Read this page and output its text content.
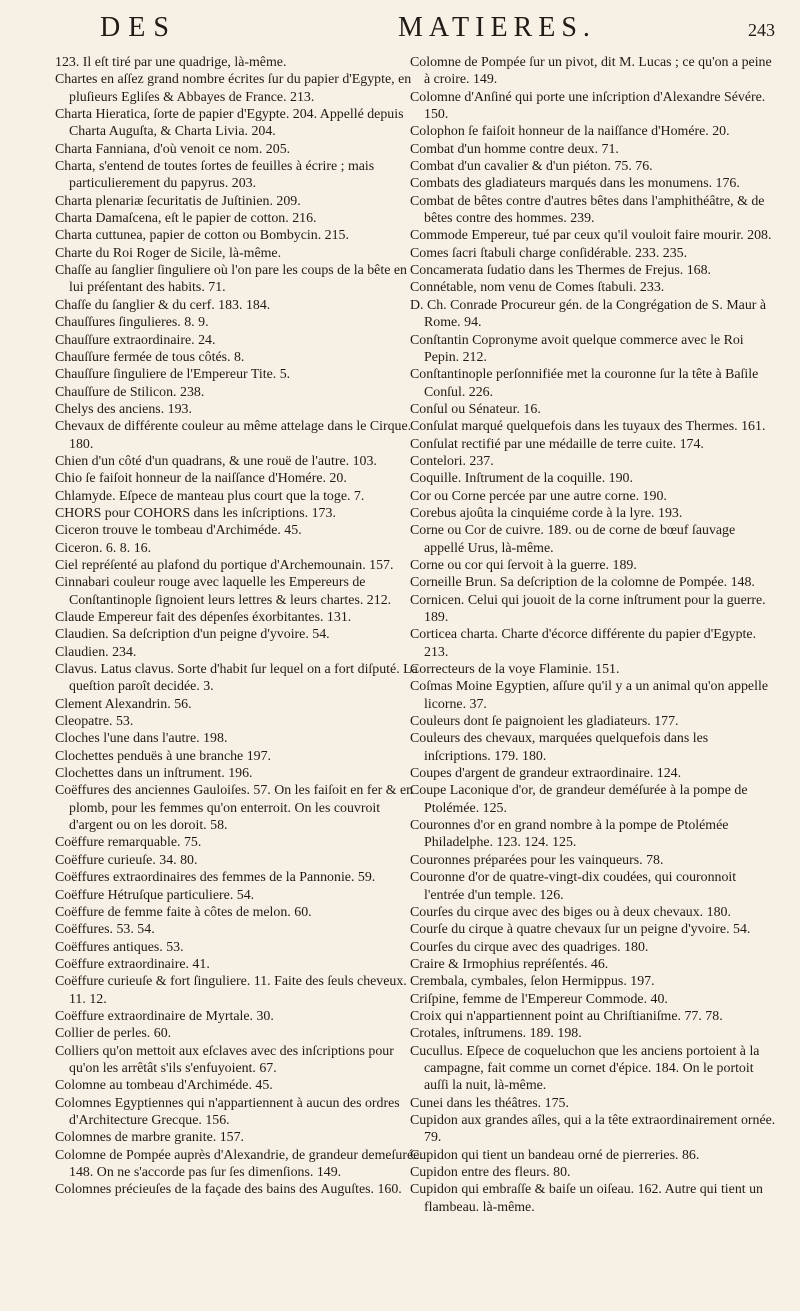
DES	MATIERES.	243

123. Il eſt tiré par une quadrige, là-même.

Chartes en aſſez grand nombre écrites ſur du papier d'Egypte, en pluſieurs Egliſes & Abbayes de France. 213.

Charta Hieratica, ſorte de papier d'Egypte. 204. Appellé depuis Charta Auguſta, & Charta Livia. 204.

Charta Fanniana, d'où venoit ce nom. 205.

Charta, s'entend de toutes ſortes de feuilles à écrire ; mais particulierement du papyrus. 203.

Charta plenariæ ſecuritatis de Juſtinien. 209.

Charta Damaſcena, eſt le papier de cotton. 216.

Charta cuttunea, papier de cotton ou Bombycin. 215.

Charte du Roi Roger de Sicile, là-même.

Chaſſe au ſanglier ſinguliere où l'on pare les coups de la bête en lui préſentant des habits. 71.

Chaſſe du ſanglier & du cerf. 183. 184.

Chauſſures ſingulieres. 8. 9.

Chauſſure extraordinaire. 24.

Chauſſure fermée de tous côtés. 8.

Chauſſure ſinguliere de l'Empereur Tite. 5.

Chauſſure de Stilicon. 238.

Chelys des anciens. 193.

Chevaux de différente couleur au même attelage dans le Cirque. 180.

Chien d'un côté d'un quadrans, & une rouë de l'autre. 103.

Chio ſe faiſoit honneur de la naiſſance d'Homére. 20.

Chlamyde. Eſpece de manteau plus court que la toge. 7.

CHORS pour COHORS dans les inſcriptions. 173.

Ciceron trouve le tombeau d'Archiméde. 45.

Ciceron. 6. 8. 16.

Ciel repréſenté au plafond du portique d'Archemounain. 157.

Cinnabari couleur rouge avec laquelle les Empereurs de Conſtantinople ſignoient leurs lettres & leurs chartes. 212.

Claude Empereur fait des dépenſes éxorbitantes. 131.

Claudien. Sa deſcription d'un peigne d'yvoire. 54.

Claudien. 234.

Clavus. Latus clavus. Sorte d'habit ſur lequel on a fort diſputé. La queſtion paroît decidée. 3.

Clement Alexandrin. 56.

Cleopatre. 53.

Cloches l'une dans l'autre. 198.

Clochettes penduës à une branche 197.

Clochettes dans un inſtrument. 196.

Coëffures des anciennes Gauloiſes. 57. On les faiſoit en fer & en plomb, pour les femmes qu'on enterroit. On les couvroit d'argent ou on les doroit. 58.

Coëffure remarquable. 75.

Coëffure curieuſe. 34. 80.

Coëffures extraordinaires des femmes de la Pannonie. 59.

Coëffure Hétruſque particuliere. 54.

Coëffure de femme faite à côtes de melon. 60.

Coëffures. 53. 54.

Coëffures antiques. 53.

Coëffure extraordinaire. 41.

Coëffure curieuſe & fort ſinguliere. 11. Faite des ſeuls cheveux. 11. 12.

Coëffure extraordinaire de Myrtale. 30.

Collier de perles. 60.

Colliers qu'on mettoit aux eſclaves avec des inſcriptions pour qu'on les arrêtât s'ils s'enfuyoient. 67.

Colomne au tombeau d'Archiméde. 45.

Colomnes Egyptiennes qui n'appartiennent à aucun des ordres d'Architecture Grecque. 156.

Colomnes de marbre granite. 157.

Colomne de Pompée auprès d'Alexandrie, de grandeur demeſurée. 148. On ne s'accorde pas ſur ſes dimenſions. 149.

Colomnes précieuſes de la façade des bains des Auguſtes. 160.

Colomne de Pompée ſur un pivot, dit M. Lucas ; ce qu'on a peine à croire. 149.

Colomne d'Anſiné qui porte une inſcription d'Alexandre Sévére. 150.

Colophon ſe faiſoit honneur de la naiſſance d'Homére. 20.

Combat d'un homme contre deux. 71.

Combat d'un cavalier & d'un piéton. 75. 76.

Combats des gladiateurs marqués dans les monumens. 176.

Combat de bêtes contre d'autres bêtes dans l'amphithéâtre, & de bêtes contre des hommes. 239.

Commode Empereur, tué par ceux qu'il vouloit faire mourir. 208.

Comes ſacri ſtabuli charge conſidérable. 233. 235.

Concamerata ſudatio dans les Thermes de Frejus. 168.

Connétable, nom venu de Comes ſtabuli. 233.

D. Ch. Conrade Procureur gén. de la Congrégation de S. Maur à Rome. 94.

Conſtantin Copronyme avoit quelque commerce avec le Roi Pepin. 212.

Conſtantinople perſonnifiée met la couronne ſur la tête à Baſile Conſul. 226.

Conſul ou Sénateur. 16.

Conſulat marqué quelquefois dans les tuyaux des Thermes. 161.

Conſulat rectifié par une médaille de terre cuite. 174.

Contelori. 237.

Coquille. Inſtrument de la coquille. 190.

Cor ou Corne percée par une autre corne. 190.

Corebus ajoûta la cinquiéme corde à la lyre. 193.

Corne ou Cor de cuivre. 189. ou de corne de bœuf ſauvage appellé Urus, là-même.

Corne ou cor qui ſervoit à la guerre. 189.

Corneille Brun. Sa deſcription de la colomne de Pompée. 148.

Cornicen. Celui qui jouoit de la corne inſtrument pour la guerre. 189.

Corticea charta. Charte d'écorce différente du papier d'Egypte. 213.

Correcteurs de la voye Flaminie. 151.

Coſmas Moine Egyptien, aſſure qu'il y a un animal qu'on appelle licorne. 37.

Couleurs dont ſe paignoient les gladiateurs. 177.

Couleurs des chevaux, marquées quelquefois dans les inſcriptions. 179. 180.

Coupes d'argent de grandeur extraordinaire. 124.

Coupe Laconique d'or, de grandeur deméſurée à la pompe de Ptolémée. 125.

Couronnes d'or en grand nombre à la pompe de Ptolémée Philadelphe. 123. 124. 125.

Couronnes préparées pour les vainqueurs. 78.

Couronne d'or de quatre-vingt-dix coudées, qui couronnoit l'entrée d'un temple. 126.

Courſes du cirque avec des biges ou à deux chevaux. 180.

Courſe du cirque à quatre chevaux ſur un peigne d'yvoire. 54.

Courſes du cirque avec des quadriges. 180.

Craire & Irmophius repréſentés. 46.

Crembala, cymbales, ſelon Hermippus. 197.

Criſpine, femme de l'Empereur Commode. 40.

Croix qui n'appartiennent point au Chriſtianiſme. 77. 78.

Crotales, inſtrumens. 189. 198.

Cucullus. Eſpece de coqueluchon que les anciens portoient à la campagne, fait comme un cornet d'épice. 184. On le portoit auſſi la nuit, là-même.

Cunei dans les théâtres. 175.

Cupidon aux grandes aîles, qui a la tête extraordinairement ornée. 79.

Cupidon qui tient un bandeau orné de pierreries. 86.

Cupidon entre des fleurs. 80.

Cupidon qui embraſſe & baiſe un oiſeau. 162. Autre qui tient un flambeau. là-même.
